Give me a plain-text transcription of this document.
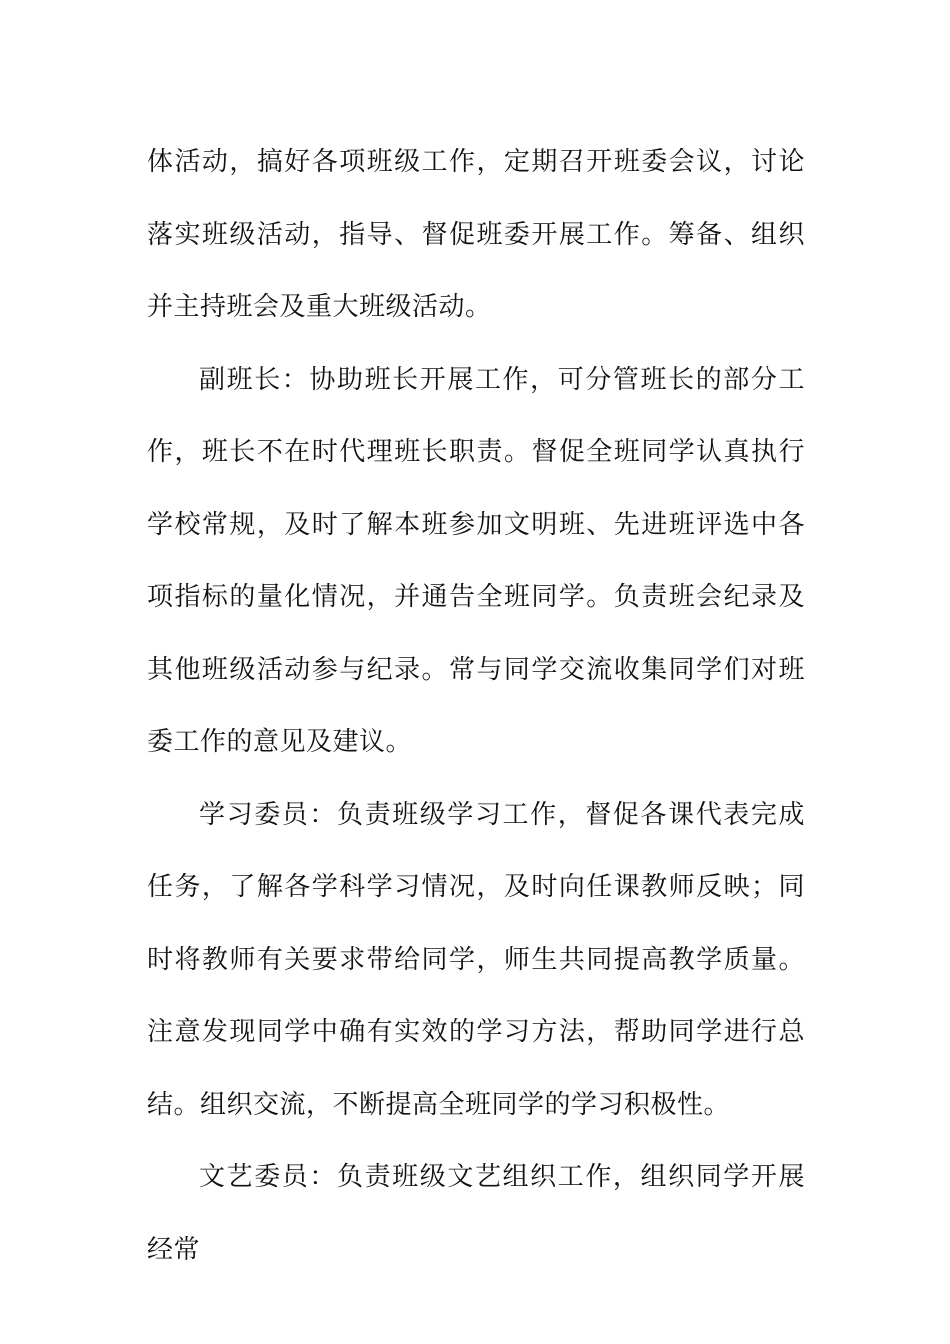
体活动，搞好各项班级工作，定期召开班委会议，讨论落实班级活动，指导、督促班委开展工作。筹备、组织并主持班会及重大班级活动。

副班长：协助班长开展工作，可分管班长的部分工作，班长不在时代理班长职责。督促全班同学认真执行学校常规，及时了解本班参加文明班、先进班评选中各项指标的量化情况，并通告全班同学。负责班会纪录及其他班级活动参与纪录。常与同学交流收集同学们对班委工作的意见及建议。

学习委员：负责班级学习工作，督促各课代表完成任务，了解各学科学习情况，及时向任课教师反映；同时将教师有关要求带给同学，师生共同提高教学质量。注意发现同学中确有实效的学习方法，帮助同学进行总结。组织交流，不断提高全班同学的学习积极性。

文艺委员：负责班级文艺组织工作，组织同学开展经常
